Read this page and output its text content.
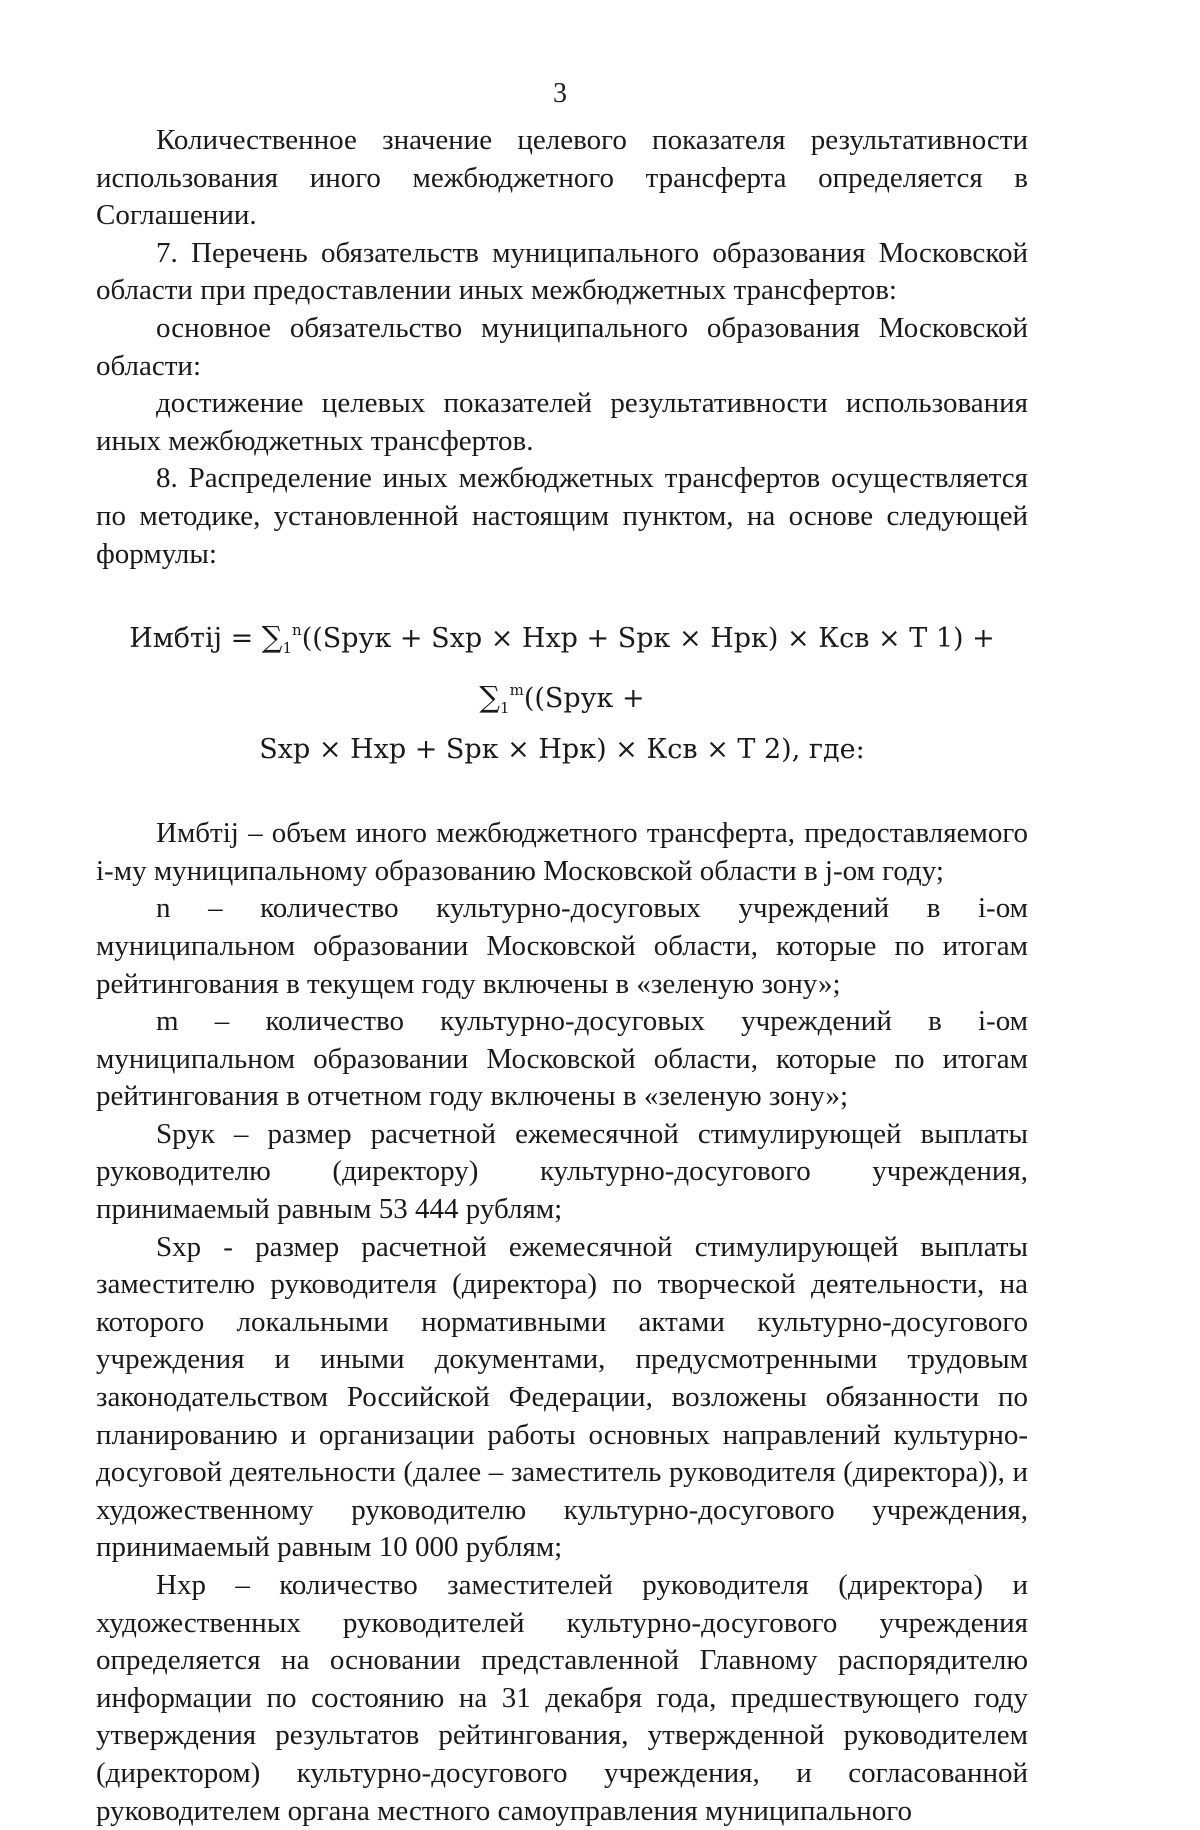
3

Количественное значение целевого показателя результативности использования иного межбюджетного трансферта определяется в Соглашении.

7. Перечень обязательств муниципального образования Московской области при предоставлении иных межбюджетных трансфертов:

основное обязательство муниципального образования Московской области:

достижение целевых показателей результативности использования иных межбюджетных трансфертов.

8. Распределение иных межбюджетных трансфертов осуществляется по методике, установленной настоящим пунктом, на основе следующей формулы:

Имбтij = $\sum_1^n((Sрук$ + Sхр × Нхр + Sрк × Нрк) × Ксв × Т $1) + \sum_1^m((Sрук$ +
Sхр × Нхр + Sрк × Нрк) × Ксв × Т 2), где:

Имбтij – объем иного межбюджетного трансферта, предоставляемого i-му муниципальному образованию Московской области в j-ом году;

n – количество культурно-досуговых учреждений в i-ом муниципальном образовании Московской области, которые по итогам рейтингования в текущем году включены в «зеленую зону»;

m – количество культурно-досуговых учреждений в i-ом муниципальном образовании Московской области, которые по итогам рейтингования в отчетном году включены в «зеленую зону»;

Sрук – размер расчетной ежемесячной стимулирующей выплаты руководителю (директору) культурно-досугового учреждения, принимаемый равным 53 444 рублям;

Sхр - размер расчетной ежемесячной стимулирующей выплаты заместителю руководителя (директора) по творческой деятельности, на которого локальными нормативными актами культурно-досугового учреждения и иными документами, предусмотренными трудовым законодательством Российской Федерации, возложены обязанности по планированию и организации работы основных направлений культурно-досуговой деятельности (далее – заместитель руководителя (директора)), и художественному руководителю культурно-досугового учреждения, принимаемый равным 10 000 рублям;

Нхр – количество заместителей руководителя (директора) и художественных руководителей культурно-досугового учреждения определяется на основании представленной Главному распорядителю информации по состоянию на 31 декабря года, предшествующего году утверждения результатов рейтингования, утвержденной руководителем (директором) культурно-досугового учреждения, и согласованной руководителем органа местного самоуправления муниципального
